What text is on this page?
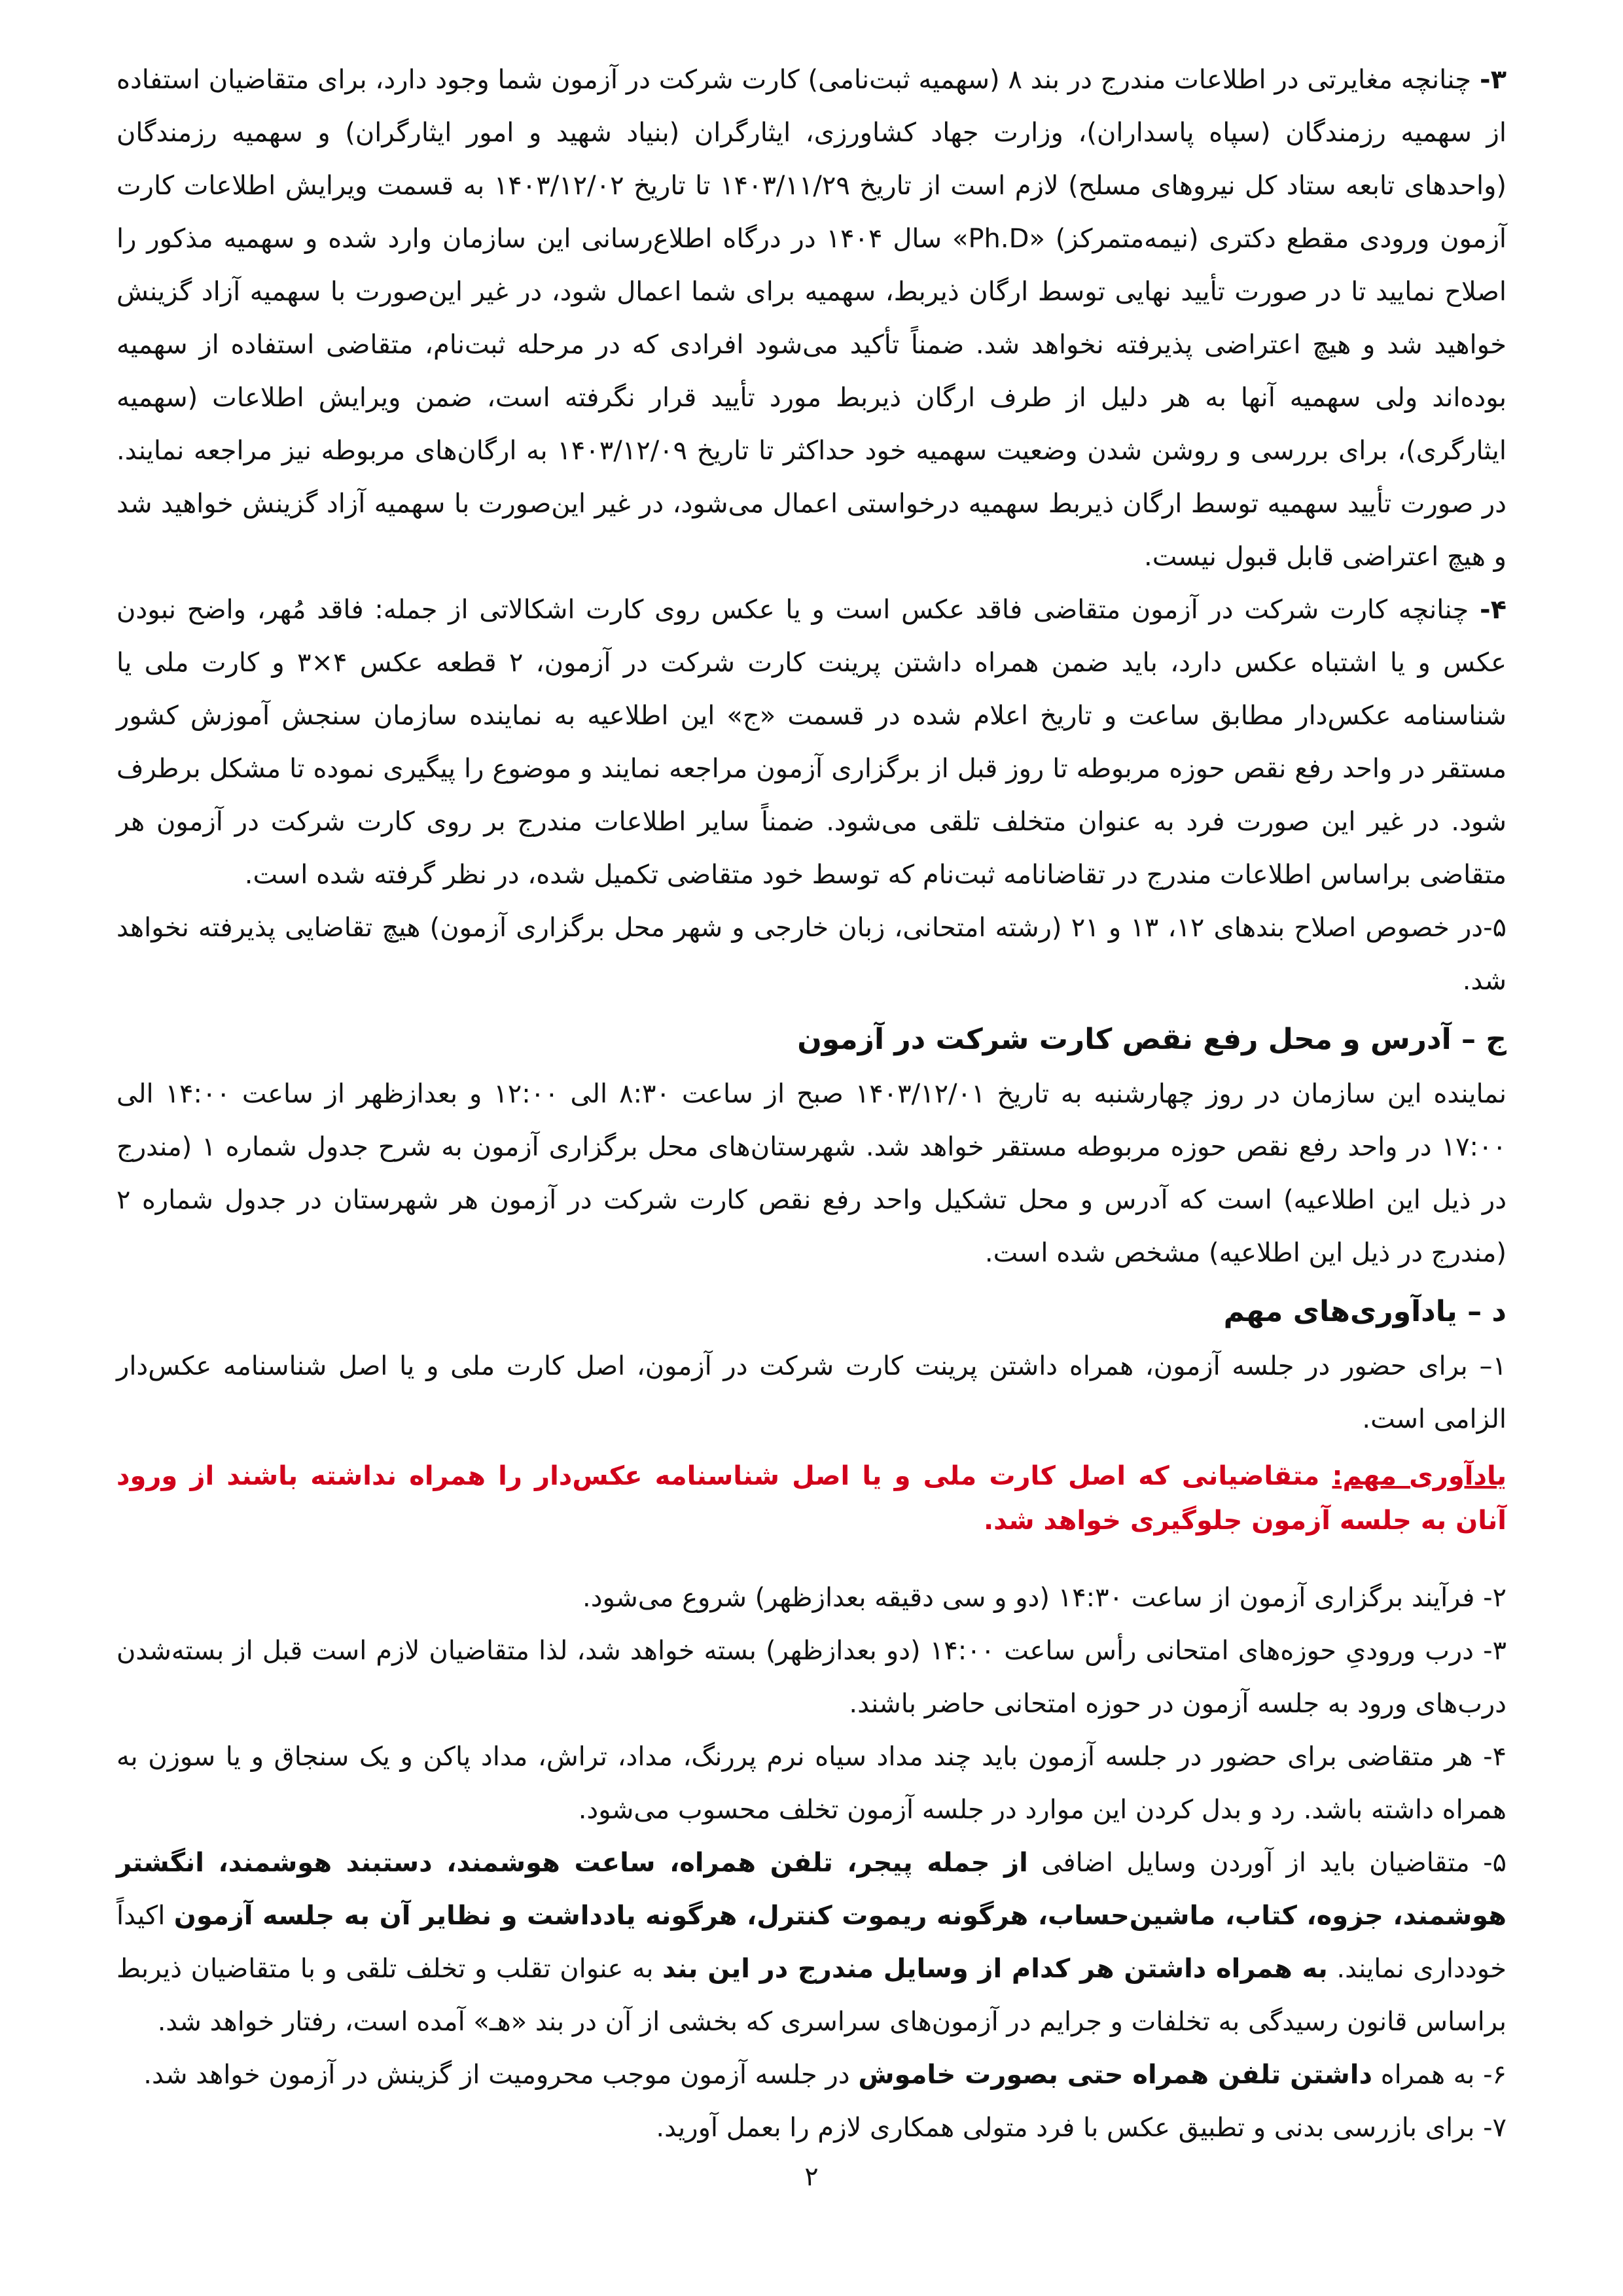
۳- چنانچه مغایرتی در اطلاعات مندرج در بند ۸ (سهمیه ثبت‌نامی) کارت شرکت در آزمون شما وجود دارد، برای متقاضیان استفاده از سهمیه رزمندگان (سپاه پاسداران)، وزارت جهاد کشاورزی، ایثارگران (بنیاد شهید و امور ایثارگران) و سهمیه رزمندگان (واحدهای تابعه ستاد کل نیروهای مسلح) لازم است از تاریخ ۱۴۰۳/۱۱/۲۹ تا تاریخ ۱۴۰۳/۱۲/۰۲ به قسمت ویرایش اطلاعات کارت آزمون ورودی مقطع دکتری (نیمه‌متمرکز) «Ph.D» سال ۱۴۰۴ در درگاه اطلاع‌رسانی این سازمان وارد شده و سهمیه مذکور را اصلاح نمایید تا در صورت تأیید نهایی توسط ارگان ذیربط، سهمیه برای شما اعمال شود، در غیر این‌صورت با سهمیه آزاد گزینش خواهید شد و هیچ اعتراضی پذیرفته نخواهد شد. ضمناً تأکید می‌شود افرادی که در مرحله ثبت‌نام، متقاضی استفاده از سهمیه بوده‌اند ولی سهمیه آنها به هر دلیل از طرف ارگان ذیربط مورد تأیید قرار نگرفته است، ضمن ویرایش اطلاعات (سهمیه ایثارگری)، برای بررسی و روشن شدن وضعیت سهمیه خود حداکثر تا تاریخ ۱۴۰۳/۱۲/۰۹ به ارگان‌های مربوطه نیز مراجعه نمایند. در صورت تأیید سهمیه توسط ارگان ذیربط سهمیه درخواستی اعمال می‌شود، در غیر این‌صورت با سهمیه آزاد گزینش خواهید شد و هیچ اعتراضی قابل قبول نیست.

۴- چنانچه کارت شرکت در آزمون متقاضی فاقد عکس است و یا عکس روی کارت اشکالاتی از جمله: فاقد مُهر، واضح نبودن عکس و یا اشتباه عکس دارد، باید ضمن همراه داشتن پرینت کارت شرکت در آزمون، ۲ قطعه عکس ۴×۳ و کارت ملی یا شناسنامه عکس‌دار مطابق ساعت و تاریخ اعلام شده در قسمت «ج» این اطلاعیه به نماینده سازمان سنجش آموزش کشور مستقر در واحد رفع نقص حوزه مربوطه تا روز قبل از برگزاری آزمون مراجعه نمایند و موضوع را پیگیری نموده تا مشکل برطرف شود. در غیر این صورت فرد به عنوان متخلف تلقی می‌شود. ضمناً سایر اطلاعات مندرج بر روی کارت شرکت در آزمون هر متقاضی براساس اطلاعات مندرج در تقاضانامه ثبت‌نام که توسط خود متقاضی تکمیل شده، در نظر گرفته شده است.

۵-در خصوص اصلاح بندهای ۱۲، ۱۳ و ۲۱ (رشته امتحانی، زبان خارجی و شهر محل برگزاری آزمون) هیچ تقاضایی پذیرفته نخواهد شد.

ج – آدرس و محل رفع نقص کارت شرکت در آزمون

نماینده این سازمان در روز چهارشنبه به تاریخ ۱۴۰۳/۱۲/۰۱ صبح از ساعت ۸:۳۰ الی ۱۲:۰۰ و بعدازظهر از ساعت ۱۴:۰۰ الی ۱۷:۰۰ در واحد رفع نقص حوزه مربوطه مستقر خواهد شد. شهرستان‌های محل برگزاری آزمون به شرح جدول شماره ۱ (مندرج در ذیل این اطلاعیه) است که آدرس و محل تشکیل واحد رفع نقص کارت شرکت در آزمون هر شهرستان در جدول شماره ۲ (مندرج در ذیل این اطلاعیه) مشخص شده است.

د – یادآوری‌های مهم

۱– برای حضور در جلسه آزمون، همراه داشتن پرینت کارت شرکت در آزمون، اصل کارت ملی و یا اصل شناسنامه عکس‌دار الزامی است.

یادآوری مهم: متقاضیانی که اصل کارت ملی و یا اصل شناسنامه عکس‌دار را همراه نداشته باشند از ورود آنان به جلسه آزمون جلوگیری خواهد شد.

۲- فرآیند برگزاری آزمون از ساعت ۱۴:۳۰ (دو و سی دقیقه بعدازظهر) شروع می‌شود.

۳- درب ورودیِ حوزه‌های امتحانی رأس ساعت ۱۴:۰۰ (دو بعدازظهر) بسته خواهد شد، لذا متقاضیان لازم است قبل از بسته‌شدن درب‌های ورود به جلسه آزمون در حوزه امتحانی حاضر باشند.

۴- هر متقاضی برای حضور در جلسه آزمون باید چند مداد سیاه نرم پررنگ، مداد، تراش، مداد پاکن و یک سنجاق و یا سوزن به همراه داشته باشد. رد و بدل کردن این موارد در جلسه آزمون تخلف محسوب می‌شود.

۵- متقاضیان باید از آوردن وسایل اضافی از جمله پیجر، تلفن همراه، ساعت هوشمند، دستبند هوشمند، انگشتر هوشمند، جزوه، کتاب، ماشین‌حساب، هرگونه ریموت کنترل، هرگونه یادداشت و نظایر آن به جلسه آزمون اکیداً خودداری نمایند. به همراه داشتن هر کدام از وسایل مندرج در این بند به عنوان تقلب و تخلف تلقی و با متقاضیان ذیربط براساس قانون رسیدگی به تخلفات و جرایم در آزمون‌های سراسری که بخشی از آن در بند «هـ» آمده است، رفتار خواهد شد.

۶- به همراه داشتن تلفن همراه حتی بصورت خاموش در جلسه آزمون موجب محرومیت از گزینش در آزمون خواهد شد.

۷- برای بازرسی بدنی و تطبیق عکس با فرد متولی همکاری لازم را بعمل آورید.

۲
